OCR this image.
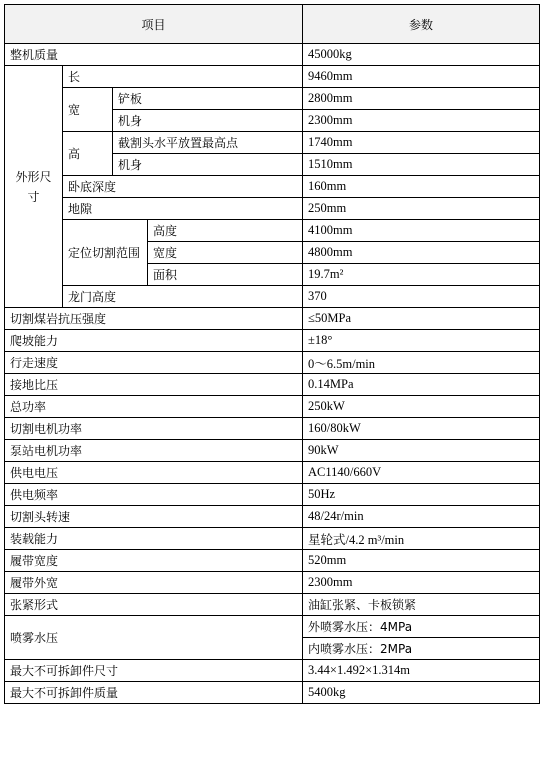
项目				参数
整机质量				45000kg
外形尺寸	长			9460mm
	宽	铲板		2800mm
		机身		2300mm
	高	截割头水平放置最高点		1740mm
		机身		1510mm
	卧底深度			160mm
	地隙			250mm
	定位切割范围		高度	4100mm
			宽度	4800mm
			面积	19.7m²
	龙门高度			370
切割煤岩抗压强度				≤50MPa
爬坡能力				±18°
行走速度				0～6.5m/min
接地比压				0.14MPa
总功率				250kW
切割电机功率				160/80kW
泵站电机功率				90kW
供电电压				AC1140/660V
供电频率				50Hz
切割头转速				48/24r/min
装载能力				星轮式/4.2 m³/min
履带宽度				520mm
履带外宽				2300mm
张紧形式				油缸张紧、卡板锁紧
喷雾水压				外喷雾水压：4MPa
				内喷雾水压：2MPa
最大不可拆卸件尺寸				3.44×1.492×1.314m
最大不可拆卸件质量				5400kg
